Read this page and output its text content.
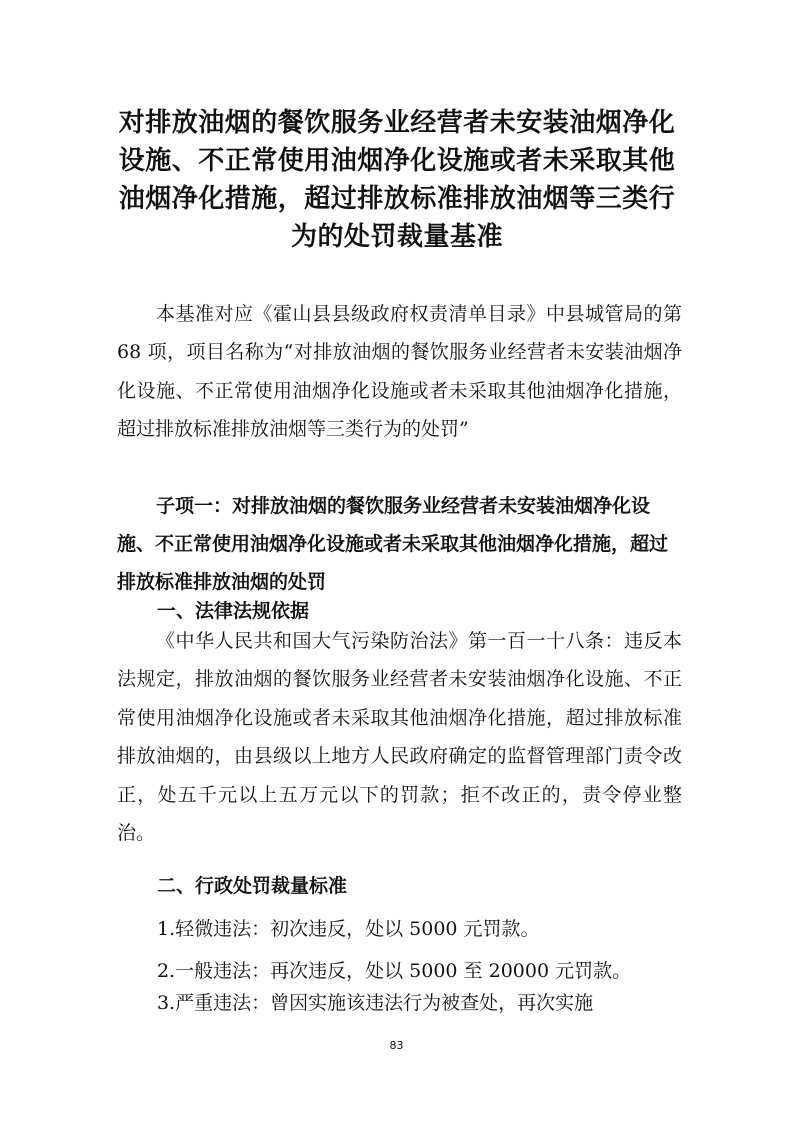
对排放油烟的餐饮服务业经营者未安装油烟净化设施、不正常使用油烟净化设施或者未采取其他油烟净化措施，超过排放标准排放油烟等三类行为的处罚裁量基准

本基准对应《霍山县县级政府权责清单目录》中县城管局的第 68 项，项目名称为“对排放油烟的餐饮服务业经营者未安装油烟净化设施、不正常使用油烟净化设施或者未采取其他油烟净化措施，超过排放标准排放油烟等三类行为的处罚”

子项一：对排放油烟的餐饮服务业经营者未安装油烟净化设施、不正常使用油烟净化设施或者未采取其他油烟净化措施，超过排放标准排放油烟的处罚

一、法律法规依据

《中华人民共和国大气污染防治法》第一百一十八条：违反本法规定，排放油烟的餐饮服务业经营者未安装油烟净化设施、不正常使用油烟净化设施或者未采取其他油烟净化措施，超过排放标准排放油烟的，由县级以上地方人民政府确定的监督管理部门责令改正，处五千元以上五万元以下的罚款；拒不改正的，责令停业整治。

二、行政处罚裁量标准

1.轻微违法：初次违反，处以 5000 元罚款。

2.一般违法：再次违反，处以 5000 至 20000 元罚款。

3.严重违法：曾因实施该违法行为被查处，再次实施

83
